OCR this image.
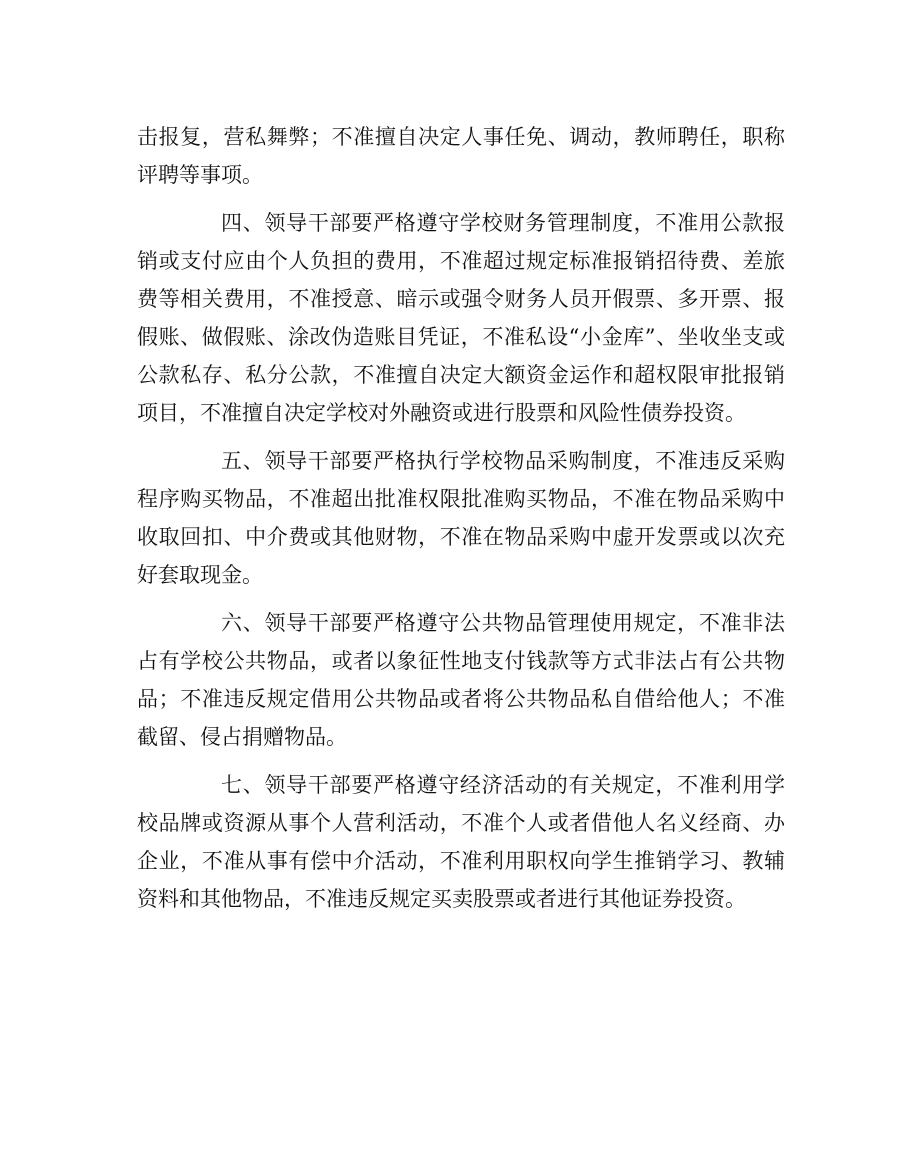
击报复，营私舞弊；不准擅自决定人事任免、调动，教师聘任，职称评聘等事项。

四、领导干部要严格遵守学校财务管理制度，不准用公款报销或支付应由个人负担的费用，不准超过规定标准报销招待费、差旅费等相关费用，不准授意、暗示或强令财务人员开假票、多开票、报假账、做假账、涂改伪造账目凭证，不准私设“小金库”、坐收坐支或公款私存、私分公款，不准擅自决定大额资金运作和超权限审批报销项目，不准擅自决定学校对外融资或进行股票和风险性债券投资。

五、领导干部要严格执行学校物品采购制度，不准违反采购程序购买物品，不准超出批准权限批准购买物品，不准在物品采购中收取回扣、中介费或其他财物，不准在物品采购中虚开发票或以次充好套取现金。

六、领导干部要严格遵守公共物品管理使用规定，不准非法占有学校公共物品，或者以象征性地支付钱款等方式非法占有公共物品；不准违反规定借用公共物品或者将公共物品私自借给他人；不准截留、侵占捐赠物品。

七、领导干部要严格遵守经济活动的有关规定，不准利用学校品牌或资源从事个人营利活动，不准个人或者借他人名义经商、办企业，不准从事有偿中介活动，不准利用职权向学生推销学习、教辅资料和其他物品，不准违反规定买卖股票或者进行其他证券投资。
